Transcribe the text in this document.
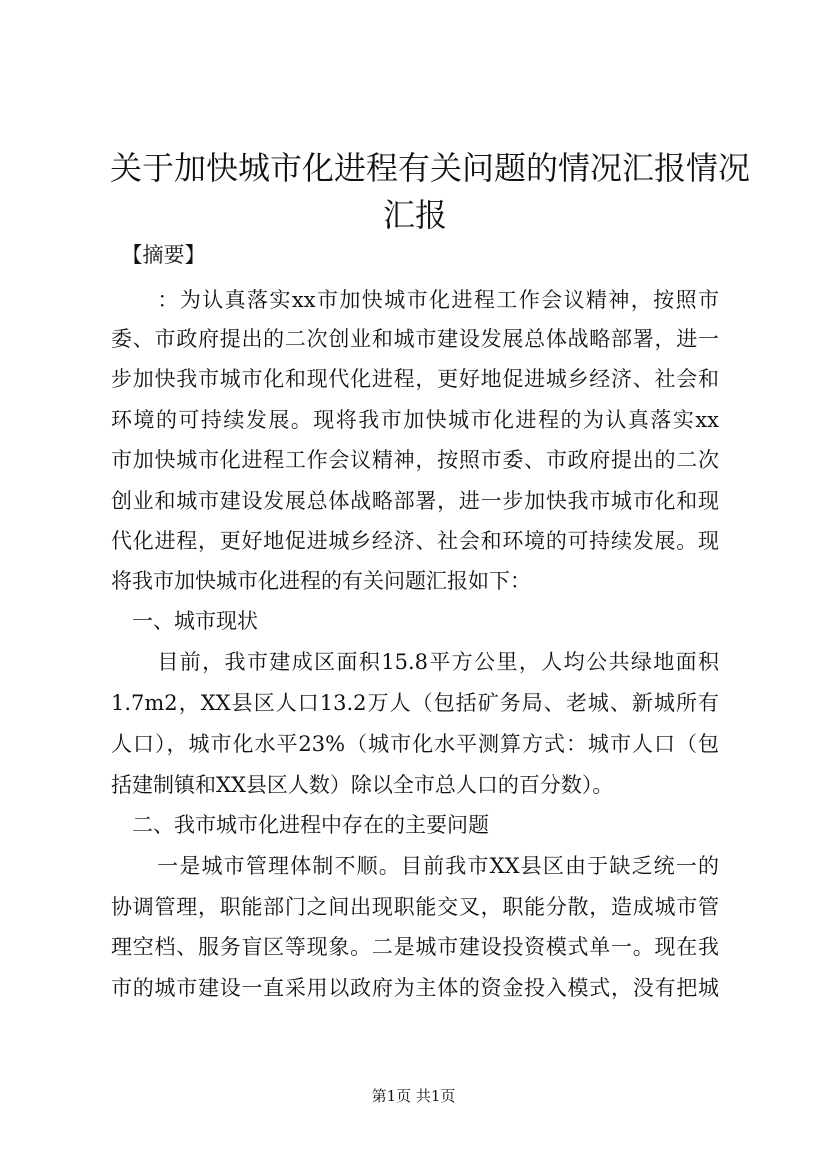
关于加快城市化进程有关问题的情况汇报情况
汇报
　【摘要】
　：为认真落实xx市加快城市化进程工作会议精神，按照市
委、市政府提出的二次创业和城市建设发展总体战略部署，进一
步加快我市城市化和现代化进程，更好地促进城乡经济、社会和
环境的可持续发展。现将我市加快城市化进程的为认真落实xx
市加快城市化进程工作会议精神，按照市委、市政府提出的二次
创业和城市建设发展总体战略部署，进一步加快我市城市化和现
代化进程，更好地促进城乡经济、社会和环境的可持续发展。现
将我市加快城市化进程的有关问题汇报如下：
　一、城市现状
　目前，我市建成区面积15.8平方公里，人均公共绿地面积
1.7m2，XX县区人口13.2万人（包括矿务局、老城、新城所有
人口），城市化水平23%（城市化水平测算方式：城市人口（包
括建制镇和XX县区人数）除以全市总人口的百分数）。
　二、我市城市化进程中存在的主要问题
　一是城市管理体制不顺。目前我市XX县区由于缺乏统一的
协调管理，职能部门之间出现职能交叉，职能分散，造成城市管
理空档、服务盲区等现象。二是城市建设投资模式单一。现在我
市的城市建设一直采用以政府为主体的资金投入模式，没有把城
第1页 共1页
